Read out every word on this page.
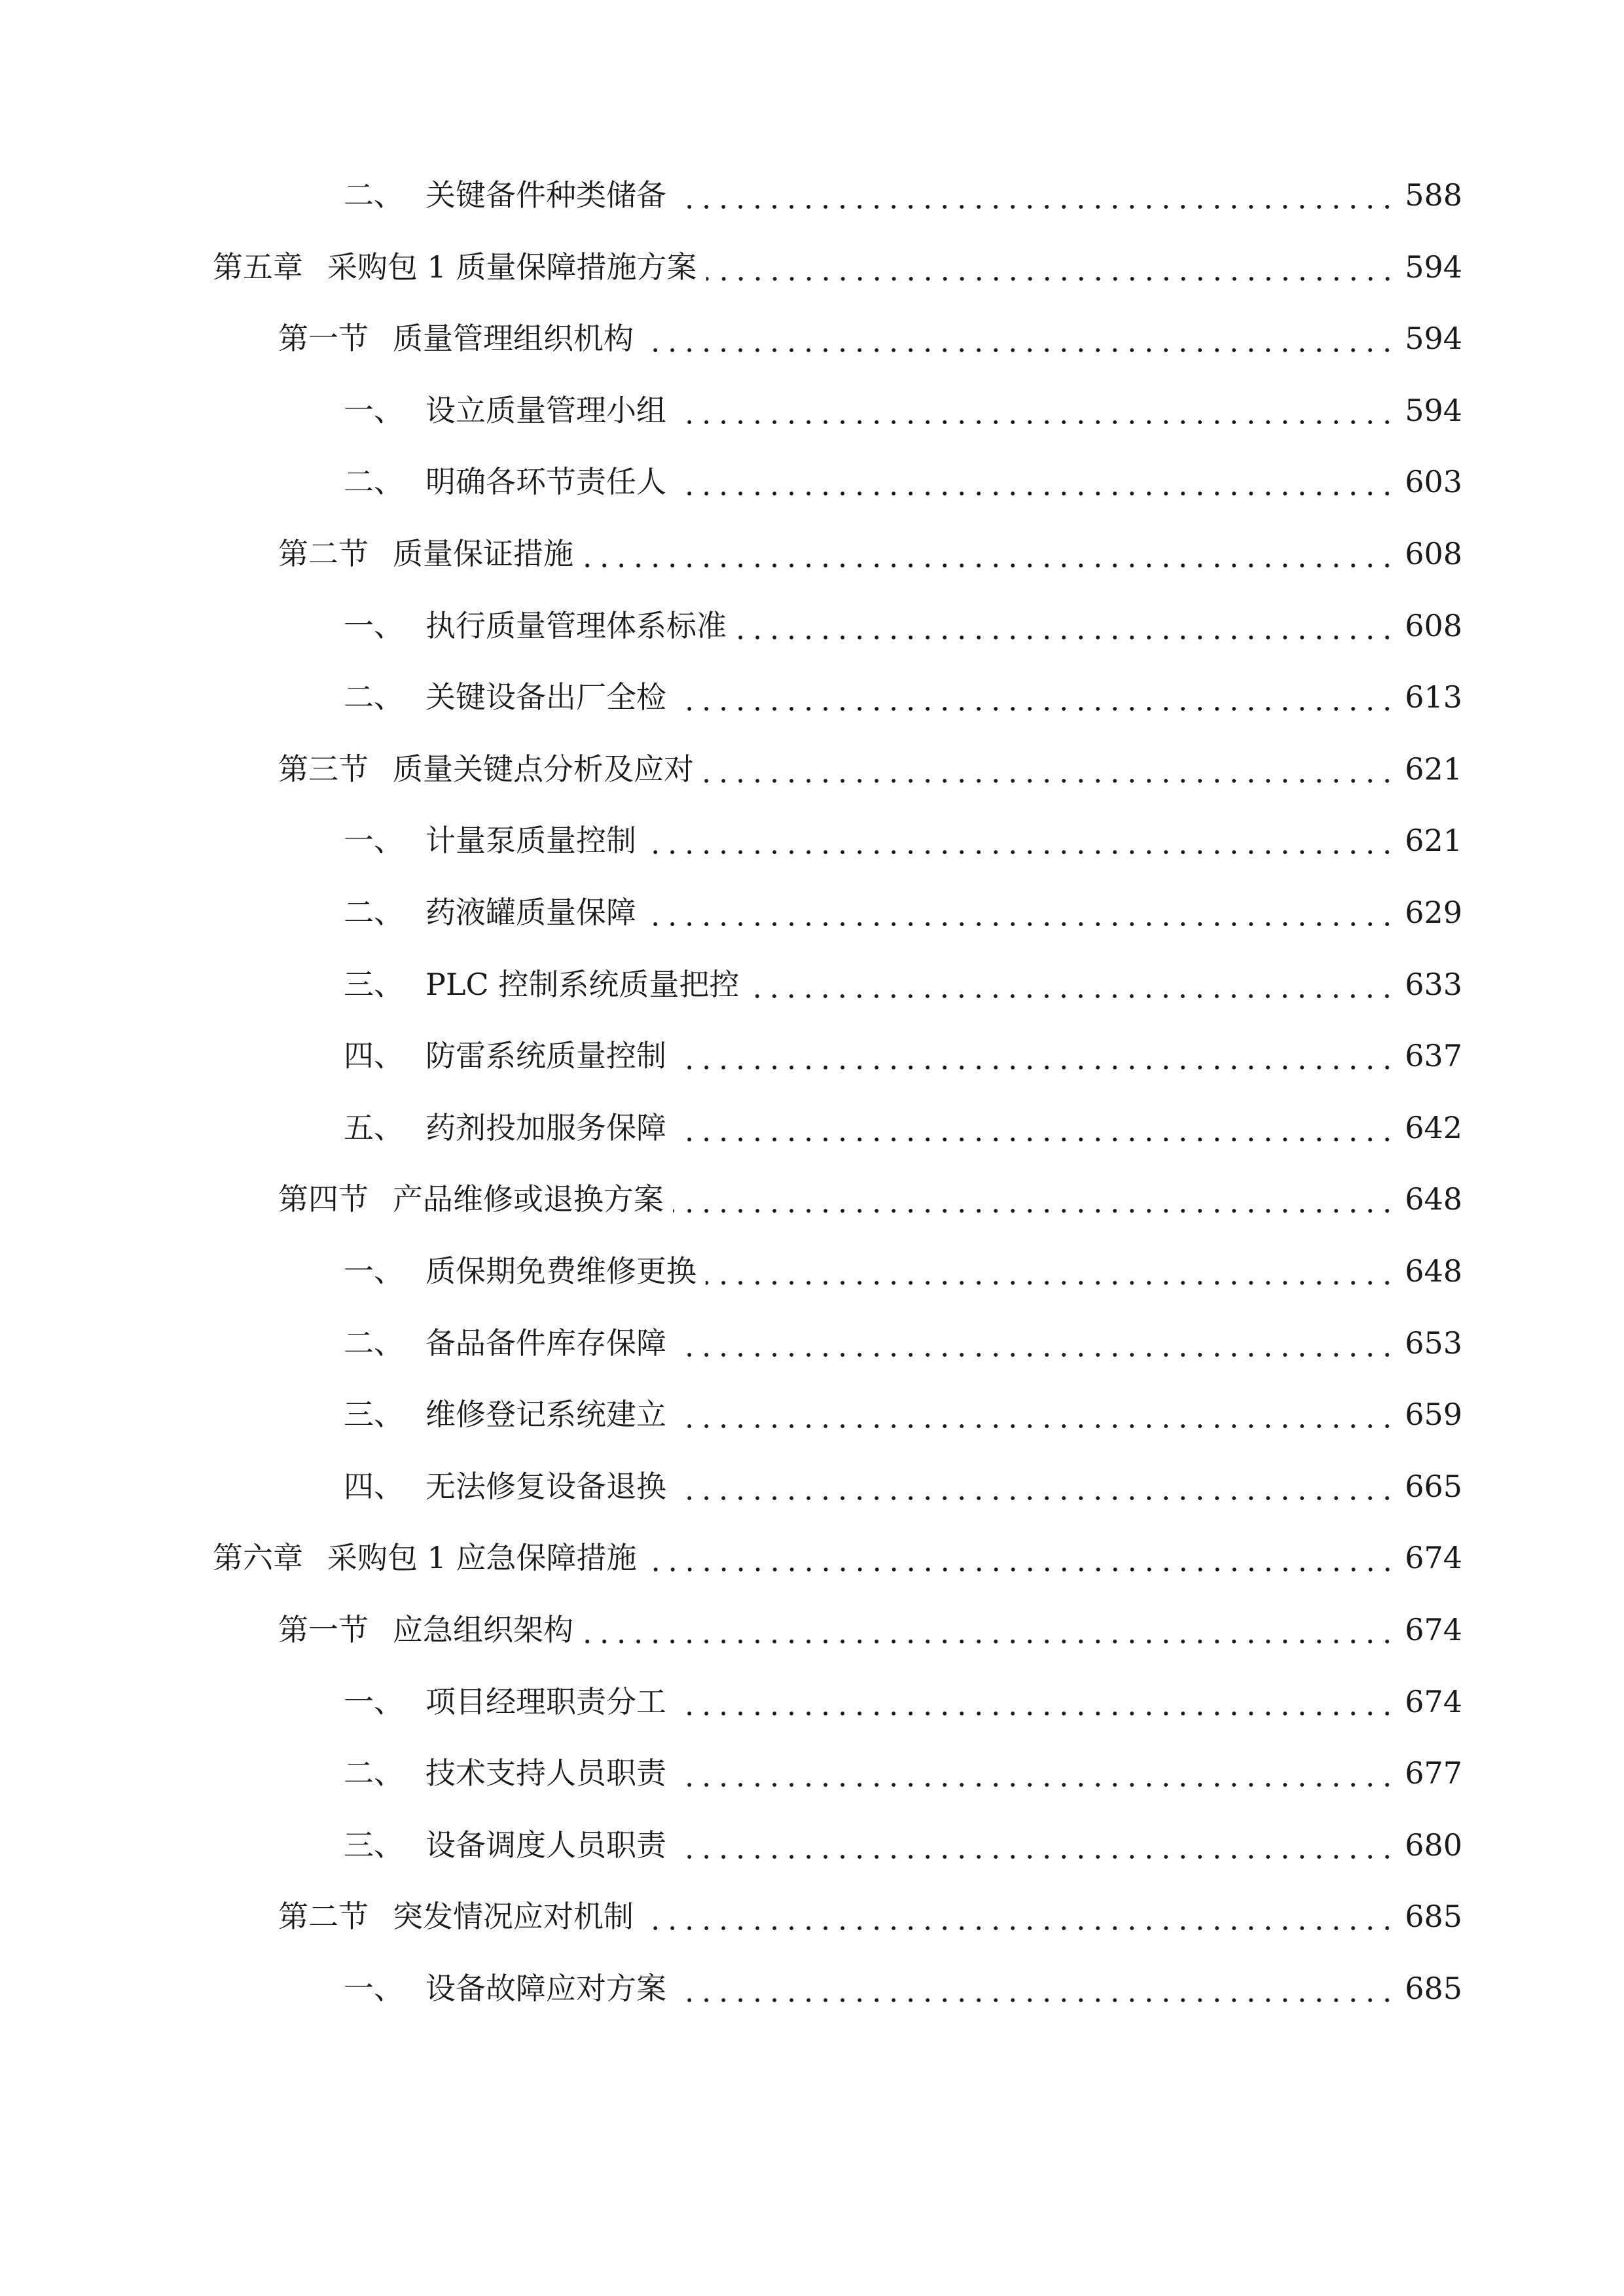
二、 关键备件种类储备	588
第五章 采购包 1 质量保障措施方案	594
第一节 质量管理组织机构	594
一、 设立质量管理小组	594
二、 明确各环节责任人	603
第二节 质量保证措施	608
一、 执行质量管理体系标准	608
二、 关键设备出厂全检	613
第三节 质量关键点分析及应对	621
一、 计量泵质量控制	621
二、 药液罐质量保障	629
三、 PLC 控制系统质量把控	633
四、 防雷系统质量控制	637
五、 药剂投加服务保障	642
第四节 产品维修或退换方案	648
一、 质保期免费维修更换	648
二、 备品备件库存保障	653
三、 维修登记系统建立	659
四、 无法修复设备退换	665
第六章 采购包 1 应急保障措施	674
第一节 应急组织架构	674
一、 项目经理职责分工	674
二、 技术支持人员职责	677
三、 设备调度人员职责	680
第二节 突发情况应对机制	685
一、 设备故障应对方案	685
